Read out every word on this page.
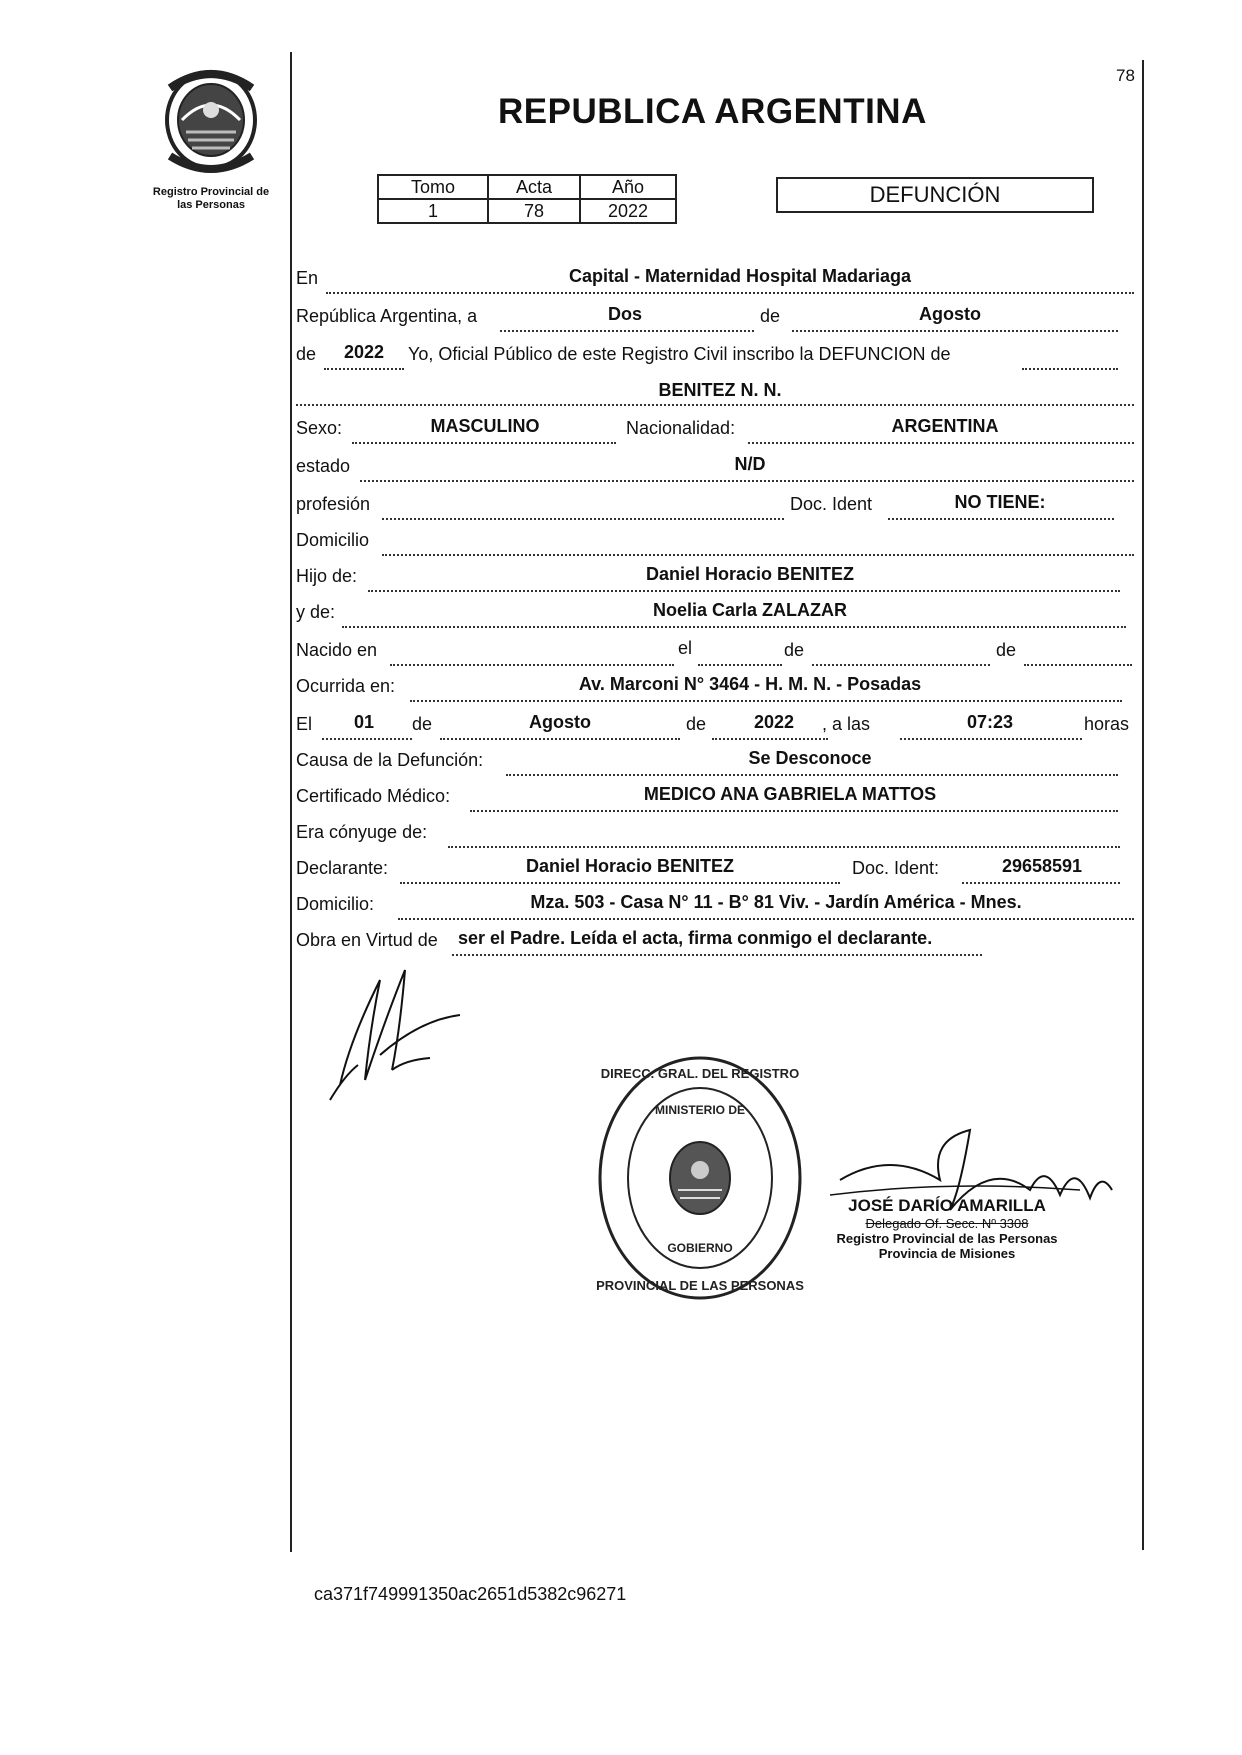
Registro Provincial de
las Personas
78
REPUBLICA ARGENTINA
Tomo	Acta	Año
1	78	2022
DEFUNCIÓN
En	Capital - Maternidad Hospital Madariaga
República Argentina, a	Dos	de	Agosto
de	2022	Yo, Oficial Público de este Registro Civil inscribo la DEFUNCION de
BENITEZ N. N.
Sexo:	MASCULINO	Nacionalidad:	ARGENTINA
estado	N/D
profesión	Doc. Ident	NO TIENE:
Domicilio
Hijo de:	Daniel Horacio BENITEZ
y de:	Noelia Carla ZALAZAR
Nacido en	el	de	de
Ocurrida en:	Av. Marconi N° 3464 - H. M. N. - Posadas
El	01	de	Agosto	de	2022	, a las	07:23	horas
Causa de la Defunción:	Se Desconoce
Certificado Médico:	MEDICO ANA GABRIELA MATTOS
Era cónyuge de:
Declarante:	Daniel Horacio BENITEZ	Doc. Ident:	29658591
Domicilio:	Mza. 503 - Casa N° 11 - B° 81 Viv. - Jardín América - Mnes.
Obra en Virtud de ser el Padre. Leída el acta, firma conmigo el declarante.
DIRECC. GRAL. DEL REGISTRO
PROVINCIAL DE LAS PERSONAS
MINISTERIO DE
GOBIERNO
JOSÉ DARÍO AMARILLA
Delegado Of. Secc. Nº 3308
Registro Provincial de las Personas
Provincia de Misiones
ca371f749991350ac2651d5382c96271
